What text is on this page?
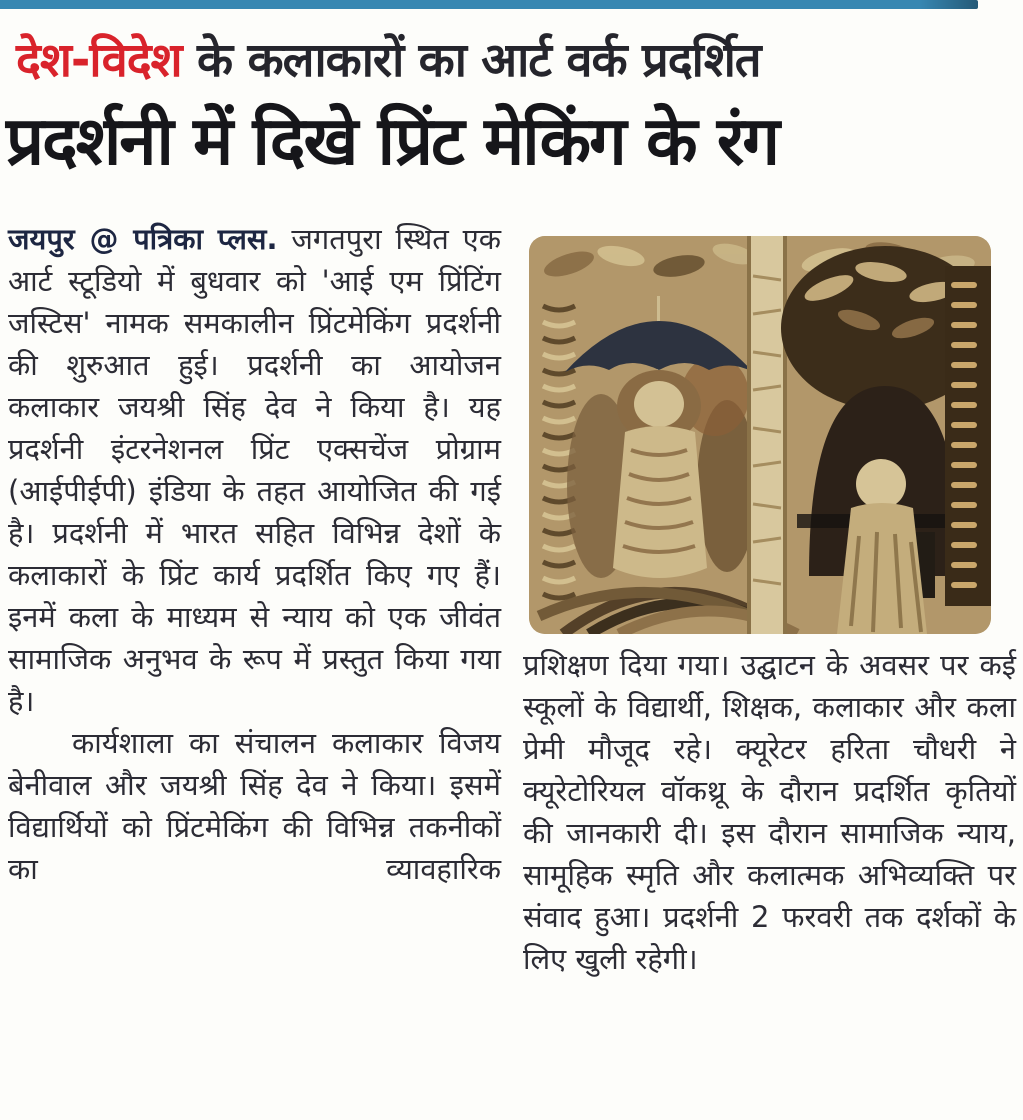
देश-विदेश के कलाकारों का आर्ट वर्क प्रदर्शित
प्रदर्शनी में दिखे प्रिंट मेकिंग के रंग

जयपुर @ पत्रिका प्लस. जगतपुरा स्थित एक आर्ट स्टूडियो में बुधवार को 'आई एम प्रिंटिंग जस्टिस' नामक समकालीन प्रिंटमेकिंग प्रदर्शनी की शुरुआत हुई। प्रदर्शनी का आयोजन कलाकार जयश्री सिंह देव ने किया है। यह प्रदर्शनी इंटरनेशनल प्रिंट एक्सचेंज प्रोग्राम (आईपीईपी) इंडिया के तहत आयोजित की गई है। प्रदर्शनी में भारत सहित विभिन्न देशों के कलाकारों के प्रिंट कार्य प्रदर्शित किए गए हैं। इनमें कला के माध्यम से न्याय को एक जीवंत सामाजिक अनुभव के रूप में प्रस्तुत किया गया है।

कार्यशाला का संचालन कलाकार विजय बेनीवाल और जयश्री सिंह देव ने किया। इसमें विद्यार्थियों को प्रिंटमेकिंग की विभिन्न तकनीकों का व्यावहारिक

प्रशिक्षण दिया गया। उद्घाटन के अवसर पर कई स्कूलों के विद्यार्थी, शिक्षक, कलाकार और कला प्रेमी मौजूद रहे। क्यूरेटर हरिता चौधरी ने क्यूरेटोरियल वॉकथ्रू के दौरान प्रदर्शित कृतियों की जानकारी दी। इस दौरान सामाजिक न्याय, सामूहिक स्मृति और कलात्मक अभिव्यक्ति पर संवाद हुआ। प्रदर्शनी 2 फरवरी तक दर्शकों के लिए खुली रहेगी।
